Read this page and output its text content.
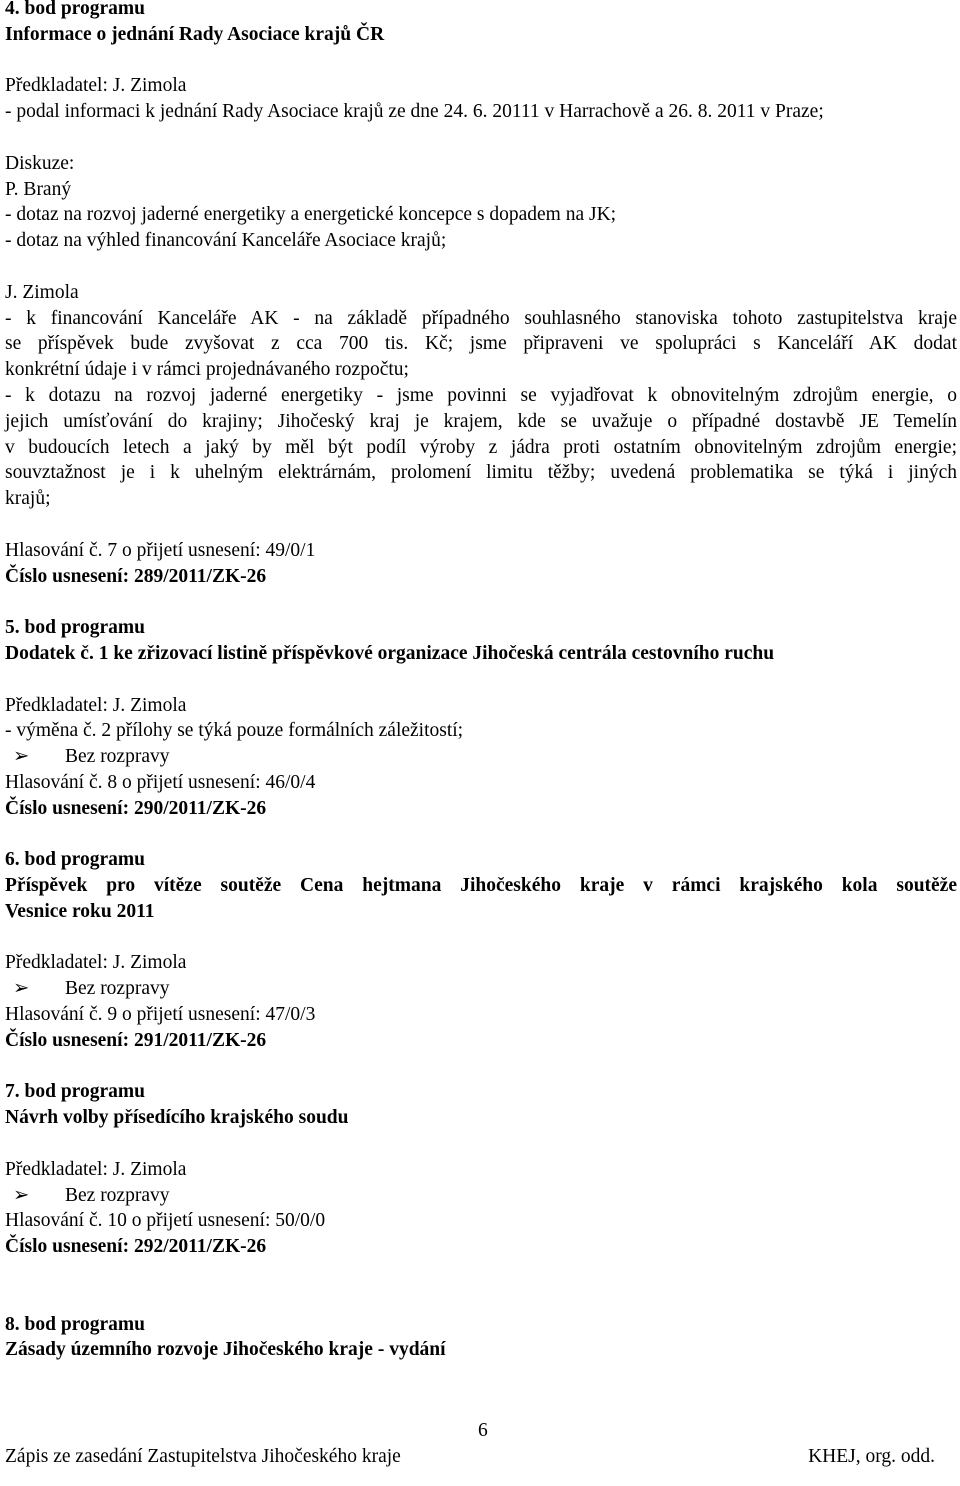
4. bod programu
Informace o jednání Rady Asociace krajů ČR
Předkladatel: J. Zimola
- podal informaci k jednání Rady Asociace krajů ze dne 24. 6. 20111 v Harrachově a 26. 8. 2011 v Praze;
Diskuze:
P. Braný
- dotaz na rozvoj jaderné energetiky a energetické koncepce s dopadem na JK;
- dotaz na výhled financování Kanceláře Asociace krajů;
J. Zimola
- k financování Kanceláře AK - na základě případného souhlasného stanoviska tohoto zastupitelstva kraje
se příspěvek bude zvyšovat z cca 700 tis. Kč; jsme připraveni ve spolupráci s Kanceláří AK dodat
konkrétní údaje i v rámci projednávaného rozpočtu;
- k dotazu na rozvoj jaderné energetiky - jsme povinni se vyjadřovat k obnovitelným zdrojům energie, o
jejich umísťování do krajiny; Jihočeský kraj je krajem, kde se uvažuje o případné dostavbě JE Temelín
v budoucích letech a jaký by měl být podíl výroby z jádra proti ostatním obnovitelným zdrojům energie;
souvztažnost je i k uhelným elektrárnám, prolomení limitu těžby; uvedená problematika se týká i jiných
krajů;
Hlasování č. 7 o přijetí usnesení: 49/0/1
Číslo usnesení: 289/2011/ZK-26
5. bod programu
Dodatek č. 1 ke zřizovací listině příspěvkové organizace Jihočeská centrála cestovního ruchu
Předkladatel: J. Zimola
- výměna č. 2 přílohy se týká pouze formálních záležitostí;
➢ Bez rozpravy
Hlasování č. 8 o přijetí usnesení: 46/0/4
Číslo usnesení: 290/2011/ZK-26
6. bod programu
Příspěvek pro vítěze soutěže Cena hejtmana Jihočeského kraje v rámci krajského kola soutěže
Vesnice roku 2011
Předkladatel: J. Zimola
➢ Bez rozpravy
Hlasování č. 9 o přijetí usnesení: 47/0/3
Číslo usnesení: 291/2011/ZK-26
7. bod programu
Návrh volby přísedícího krajského soudu
Předkladatel: J. Zimola
➢ Bez rozpravy
Hlasování č. 10 o přijetí usnesení: 50/0/0
Číslo usnesení: 292/2011/ZK-26
8. bod programu
Zásady územního rozvoje Jihočeského kraje - vydání
6
Zápis ze zasedání Zastupitelstva Jihočeského kraje	KHEJ, org. odd.
